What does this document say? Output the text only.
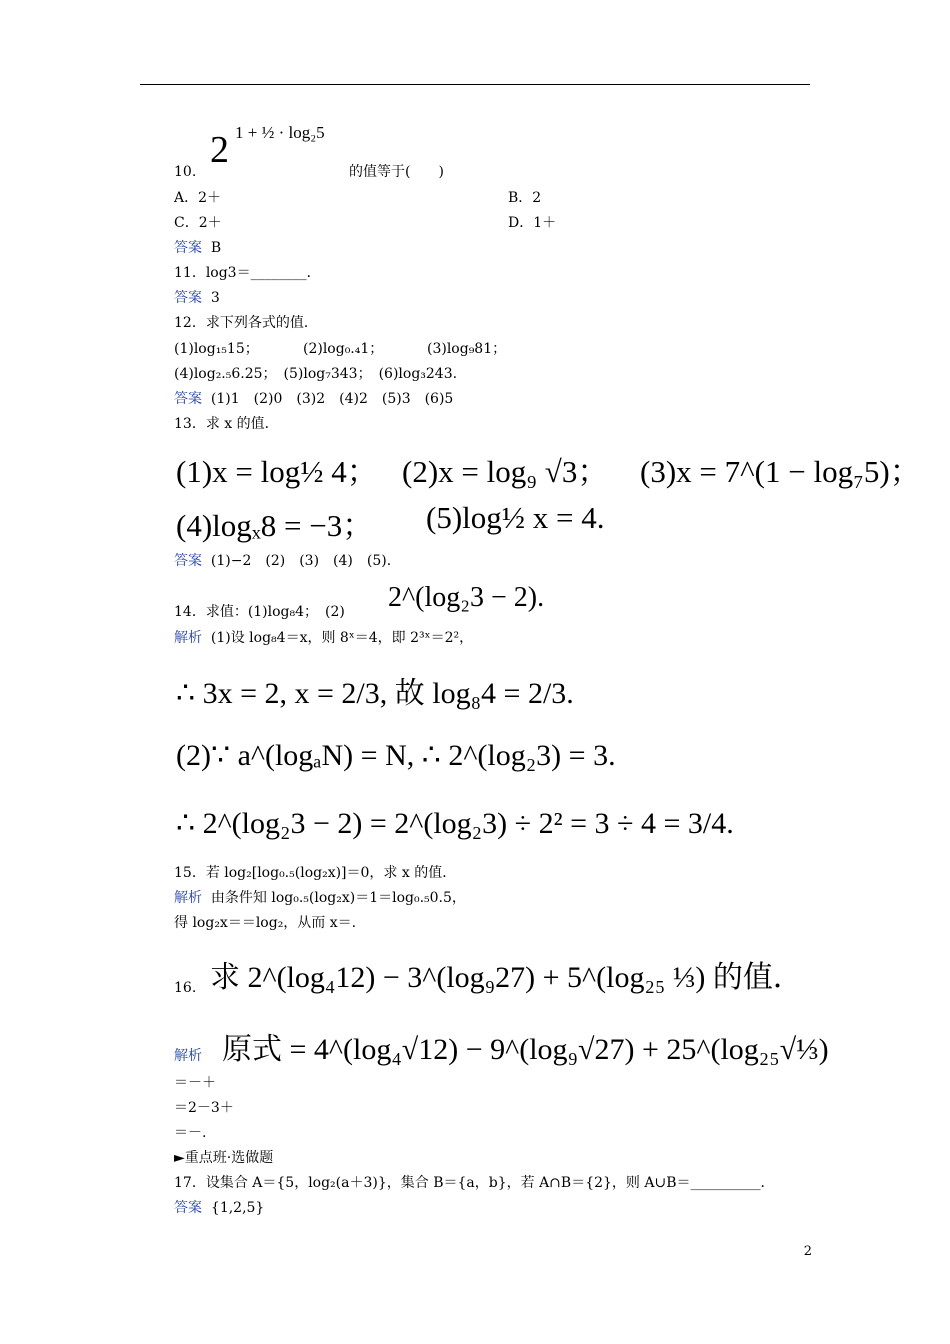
2 1 + ½ · log₂5
10.	的值等于(　　)
A．2＋	B．2
C．2＋	D．1＋
答案 B
11．log3＝________．
答案 3
12．求下列各式的值．
(1)log₁₅15；	(2)log₀.₄1；	(3)log₉81；
(4)log₂.₅6.25；　(5)log₇343；　(6)log₃243.
答案 (1)1　(2)0　(3)2　(4)2　(5)3　(6)5
13．求 x 的值．
(1)x = log½ 4； (2)x = log₉ √3； (3)x = 7^(1 − log₇5)；
(4)logₓ8 = −3； (5)log½ x = 4.
答案 (1)−2　(2)　(3)　(4)　(5).
14．求值：(1)log₈4；　(2) 2^(log₂3 − 2).
解析 (1)设 log₈4＝x，则 8ˣ＝4，即 2³ˣ＝2²，
∴ 3x = 2, x = 2/3, 故 log₈4 = 2/3.
(2)∵ a^(logₐN) = N, ∴ 2^(log₂3) = 3.
∴ 2^(log₂3 − 2) = 2^(log₂3) ÷ 2² = 3 ÷ 4 = 3/4.
15．若 log₂[log₀.₅(log₂x)]＝0，求 x 的值．
解析 由条件知 log₀.₅(log₂x)＝1＝log₀.₅0.5，
得 log₂x＝＝log₂，从而 x＝.
16. 求 2^(log₄12) − 3^(log₉27) + 5^(log₂₅ ⅓) 的值．
解析 原式 = 4^(log₄√12) − 9^(log₉√27) + 25^(log₂₅√⅓)
＝－＋
＝2－3＋
＝－.
►重点班·选做题
17．设集合 A＝{5，log₂(a＋3)}，集合 B＝{a，b}，若 A∩B＝{2}，则 A∪B＝__________．
答案 {1,2,5}
2
